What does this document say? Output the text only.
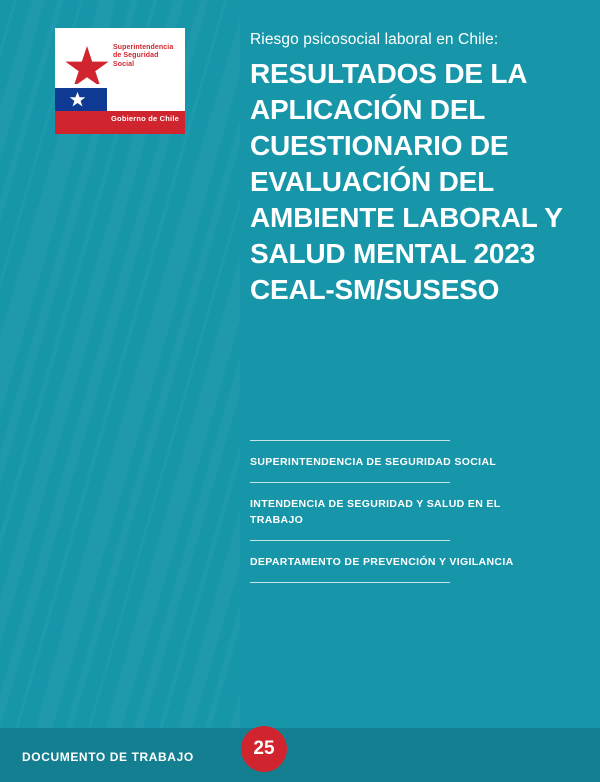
Superintendencia
de Seguridad
Social
Gobierno de Chile
Riesgo psicosocial laboral en Chile:
RESULTADOS DE LA APLICACIÓN DEL CUESTIONARIO DE EVALUACIÓN DEL AMBIENTE LABORAL Y SALUD MENTAL 2023 CEAL-SM/SUSESO
SUPERINTENDENCIA DE SEGURIDAD SOCIAL
INTENDENCIA DE SEGURIDAD Y SALUD EN EL TRABAJO
DEPARTAMENTO DE PREVENCIÓN Y VIGILANCIA
DOCUMENTO DE TRABAJO	25
